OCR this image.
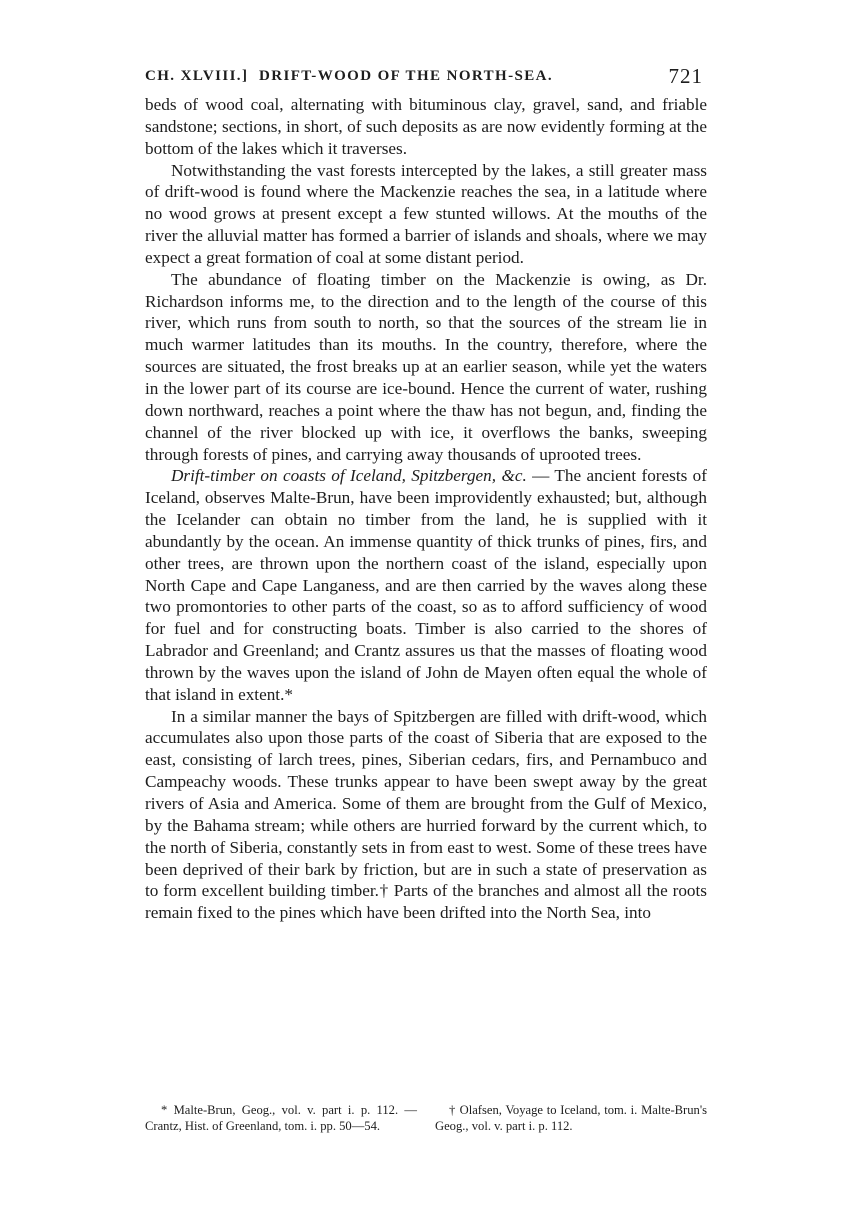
CH. XLVIII.] DRIFT-WOOD OF THE NORTH-SEA.	721

beds of wood coal, alternating with bituminous clay, gravel, sand, and friable sandstone; sections, in short, of such deposits as are now evidently forming at the bottom of the lakes which it traverses.

Notwithstanding the vast forests intercepted by the lakes, a still greater mass of drift-wood is found where the Mackenzie reaches the sea, in a latitude where no wood grows at present except a few stunted willows. At the mouths of the river the alluvial matter has formed a barrier of islands and shoals, where we may expect a great formation of coal at some distant period.

The abundance of floating timber on the Mackenzie is owing, as Dr. Richardson informs me, to the direction and to the length of the course of this river, which runs from south to north, so that the sources of the stream lie in much warmer latitudes than its mouths. In the country, therefore, where the sources are situated, the frost breaks up at an earlier season, while yet the waters in the lower part of its course are ice-bound. Hence the current of water, rushing down northward, reaches a point where the thaw has not begun, and, finding the channel of the river blocked up with ice, it overflows the banks, sweeping through forests of pines, and carrying away thousands of uprooted trees.

Drift-timber on coasts of Iceland, Spitzbergen, &c. — The ancient forests of Iceland, observes Malte-Brun, have been improvidently exhausted; but, although the Icelander can obtain no timber from the land, he is supplied with it abundantly by the ocean. An immense quantity of thick trunks of pines, firs, and other trees, are thrown upon the northern coast of the island, especially upon North Cape and Cape Langaness, and are then carried by the waves along these two promontories to other parts of the coast, so as to afford sufficiency of wood for fuel and for constructing boats. Timber is also carried to the shores of Labrador and Greenland; and Crantz assures us that the masses of floating wood thrown by the waves upon the island of John de Mayen often equal the whole of that island in extent.*

In a similar manner the bays of Spitzbergen are filled with drift-wood, which accumulates also upon those parts of the coast of Siberia that are exposed to the east, consisting of larch trees, pines, Siberian cedars, firs, and Pernambuco and Campeachy woods. These trunks appear to have been swept away by the great rivers of Asia and America. Some of them are brought from the Gulf of Mexico, by the Bahama stream; while others are hurried forward by the current which, to the north of Siberia, constantly sets in from east to west. Some of these trees have been deprived of their bark by friction, but are in such a state of preservation as to form excellent building timber.† Parts of the branches and almost all the roots remain fixed to the pines which have been drifted into the North Sea, into

* Malte-Brun, Geog., vol. v. part i. p. 112. — Crantz, Hist. of Greenland, tom. i. pp. 50—54.
† Olafsen, Voyage to Iceland, tom. i. Malte-Brun's Geog., vol. v. part i. p. 112.
